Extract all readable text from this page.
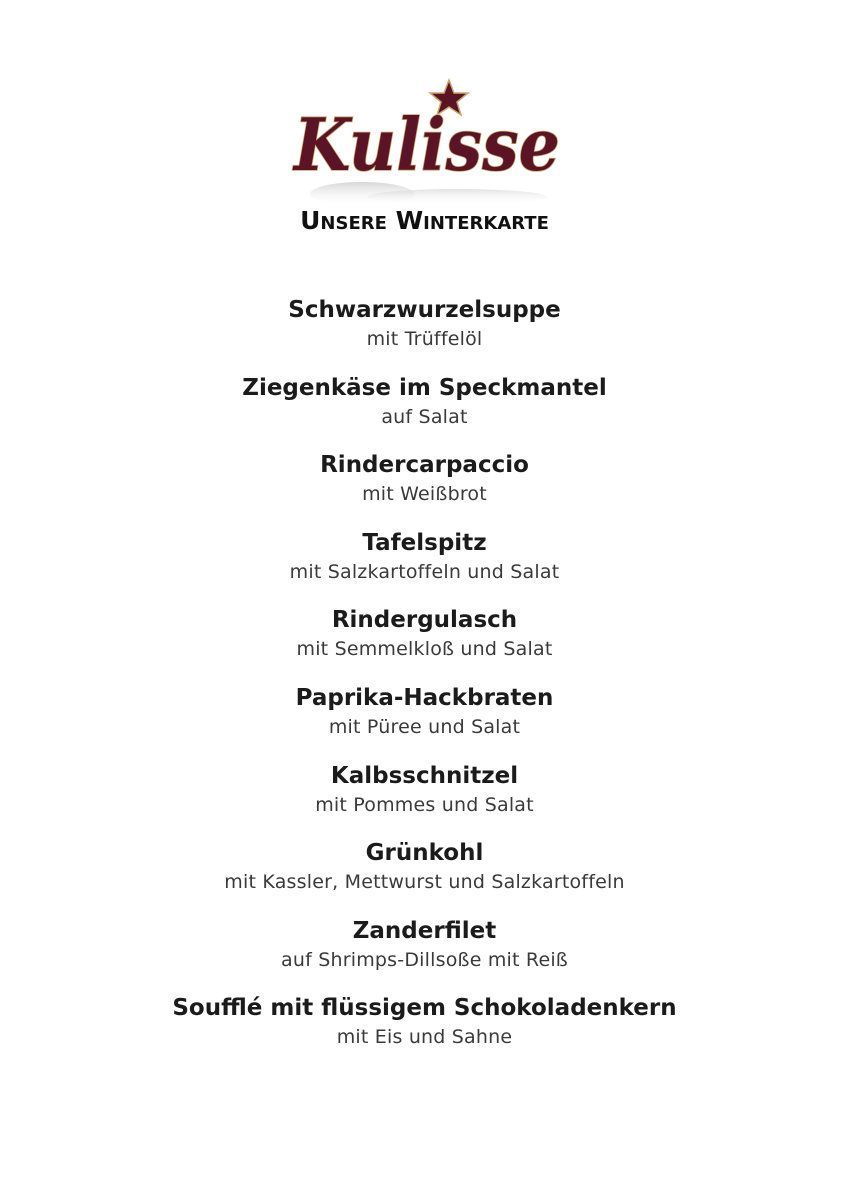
Kulisse
Unsere Winterkarte
Schwarzwurzelsuppe
mit Trüffelöl
Ziegenkäse im Speckmantel
auf Salat
Rindercarpaccio
mit Weißbrot
Tafelspitz
mit Salzkartoffeln und Salat
Rindergulasch
mit Semmelkloß und Salat
Paprika-Hackbraten
mit Püree und Salat
Kalbsschnitzel
mit Pommes und Salat
Grünkohl
mit Kassler, Mettwurst und Salzkartoffeln
Zanderfilet
auf Shrimps-Dillsoße mit Reiß
Soufflé mit flüssigem Schokoladenkern
mit Eis und Sahne
